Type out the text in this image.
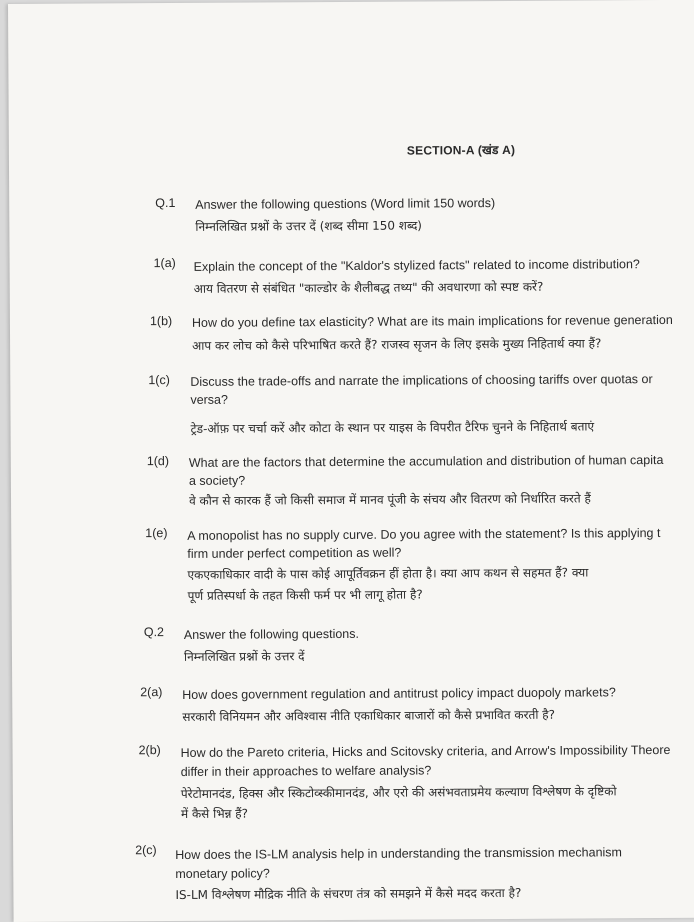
SECTION-A (खंड A)
Q.1 Answer the following questions (Word limit 150 words)
निम्नलिखित प्रश्नों के उत्तर दें (शब्द सीमा 150 शब्द)
1(a) Explain the concept of the "Kaldor's stylized facts" related to income distribution?
आय वितरण से संबंधित "काल्डोर के शैलीबद्ध तथ्य" की अवधारणा को स्पष्ट करें?
1(b) How do you define tax elasticity? What are its main implications for revenue generation
आप कर लोच को कैसे परिभाषित करते हैं? राजस्व सृजन के लिए इसके मुख्य निहितार्थ क्या हैं?
1(c) Discuss the trade-offs and narrate the implications of choosing tariffs over quotas or
versa?
ट्रेड-ऑफ़ पर चर्चा करें और कोटा के स्थान पर याइस के विपरीत टैरिफ चुनने के निहितार्थ बताएं
1(d) What are the factors that determine the accumulation and distribution of human capita
a society?
वे कौन से कारक हैं जो किसी समाज में मानव पूंजी के संचय और वितरण को निर्धारित करते हैं
1(e) A monopolist has no supply curve. Do you agree with the statement? Is this applying t
firm under perfect competition as well?
एकएकाधिकार वादी के पास कोई आपूर्तिवक्रन हीं होता है। क्या आप कथन से सहमत हैं? क्या
पूर्ण प्रतिस्पर्धा के तहत किसी फर्म पर भी लागू होता है?
Q.2 Answer the following questions.
निम्नलिखित प्रश्नों के उत्तर दें
2(a) How does government regulation and antitrust policy impact duopoly markets?
सरकारी विनियमन और अविश्वास नीति एकाधिकार बाजारों को कैसे प्रभावित करती है?
2(b) How do the Pareto criteria, Hicks and Scitovsky criteria, and Arrow's Impossibility Theore
differ in their approaches to welfare analysis?
पेरेटोमानदंड, हिक्स और स्किटोव्स्कीमानदंड, और एरो की असंभवताप्रमेय कल्याण विश्लेषण के दृष्टिको
में कैसे भिन्न हैं?
2(c) How does the IS-LM analysis help in understanding the transmission mechanism
monetary policy?
IS-LM विश्लेषण मौद्रिक नीति के संचरण तंत्र को समझने में कैसे मदद करता है?
